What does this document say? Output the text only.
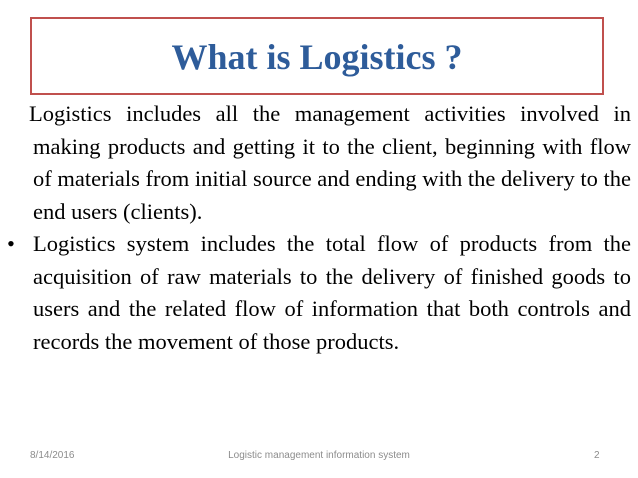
What is Logistics ?

Logistics includes all the management activities involved in making products and getting it to the client, beginning with flow of materials from initial source and ending with the delivery to the end users (clients).

• Logistics system includes the total flow of products from the acquisition of raw materials to the delivery of finished goods to users and the related flow of information that both controls and records the movement of those products.

8/14/2016	Logistic management information system	2
